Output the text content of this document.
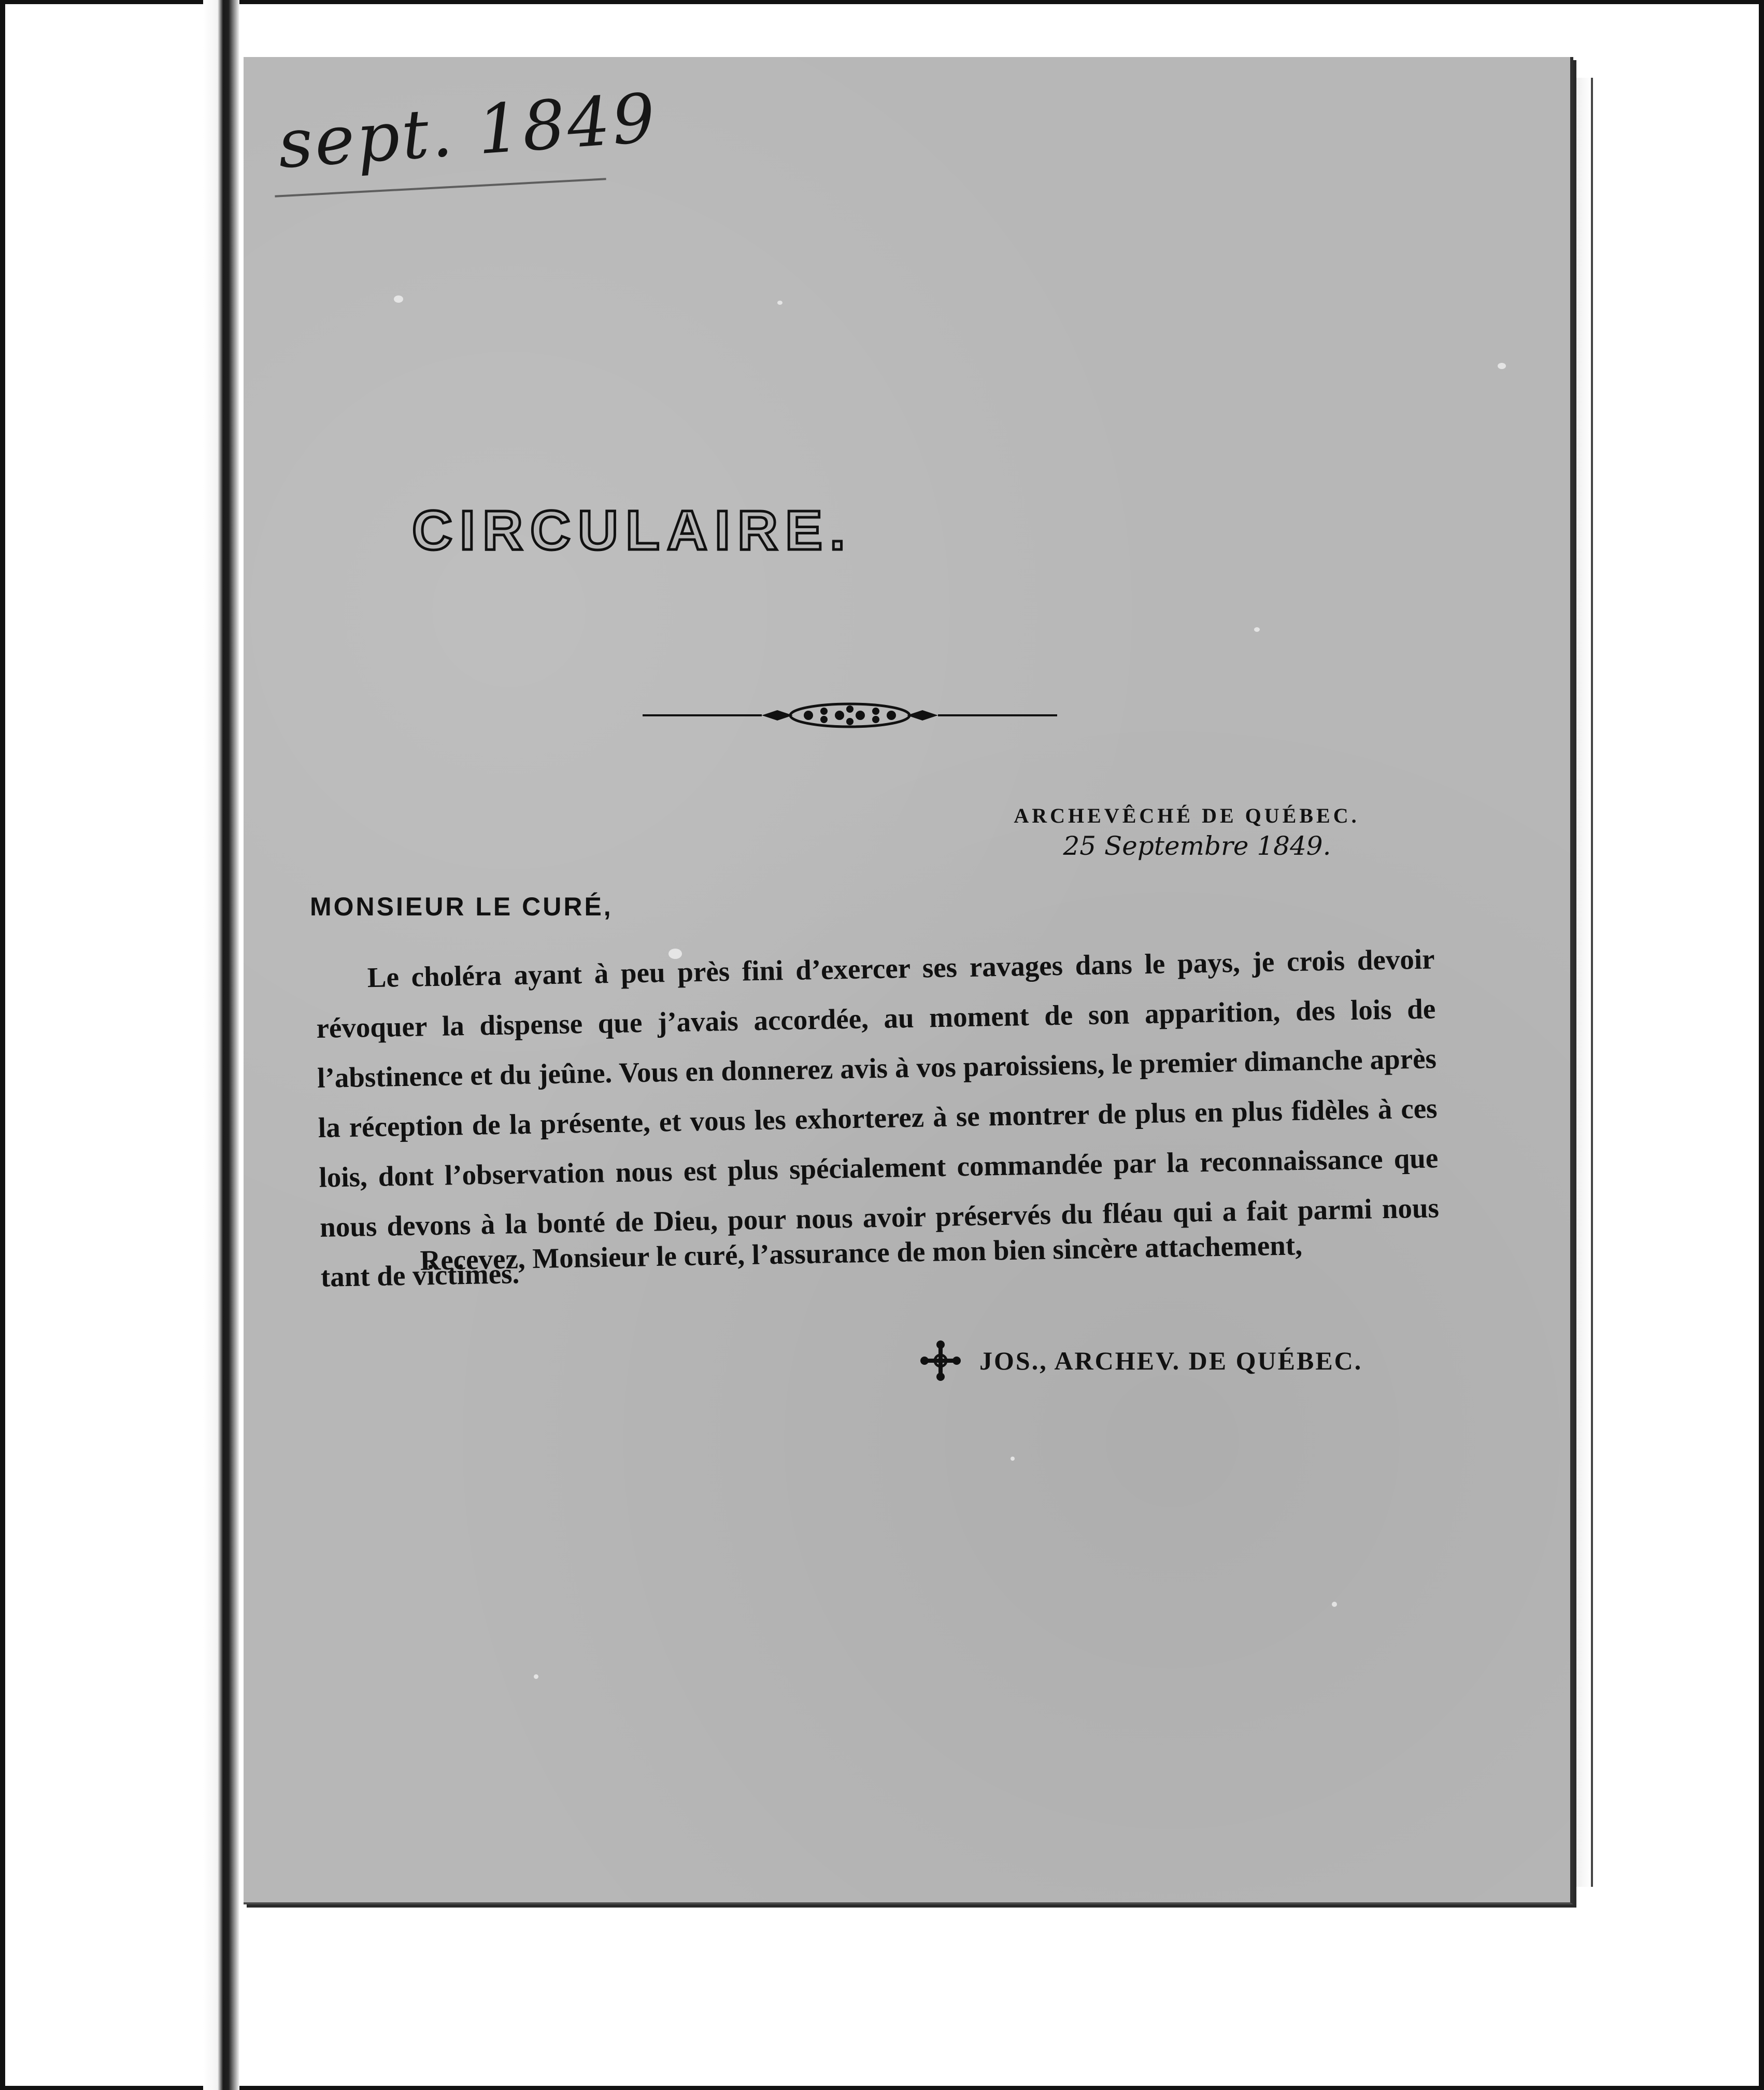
sept. 1849
CIRCULAIRE.
ARCHEVÊCHÉ DE QUÉBEC.
25 Septembre 1849.
MONSIEUR LE CURÉ,
Le choléra ayant à peu près fini d’exercer ses ravages dans le pays, je crois devoir révoquer la dispense que j’avais accordée, au moment de son apparition, des lois de l’abstinence et du jeûne. Vous en donnerez avis à vos paroissiens, le premier dimanche après la réception de la présente, et vous les exhorterez à se montrer de plus en plus fidèles à ces lois, dont l’observation nous est plus spécialement commandée par la reconnaissance que nous devons à la bonté de Dieu, pour nous avoir préservés du fléau qui a fait parmi nous tant de victimes.
Recevez, Monsieur le curé, l’assurance de mon bien sincère attachement,
JOS., ARCHEV. DE QUÉBEC.
